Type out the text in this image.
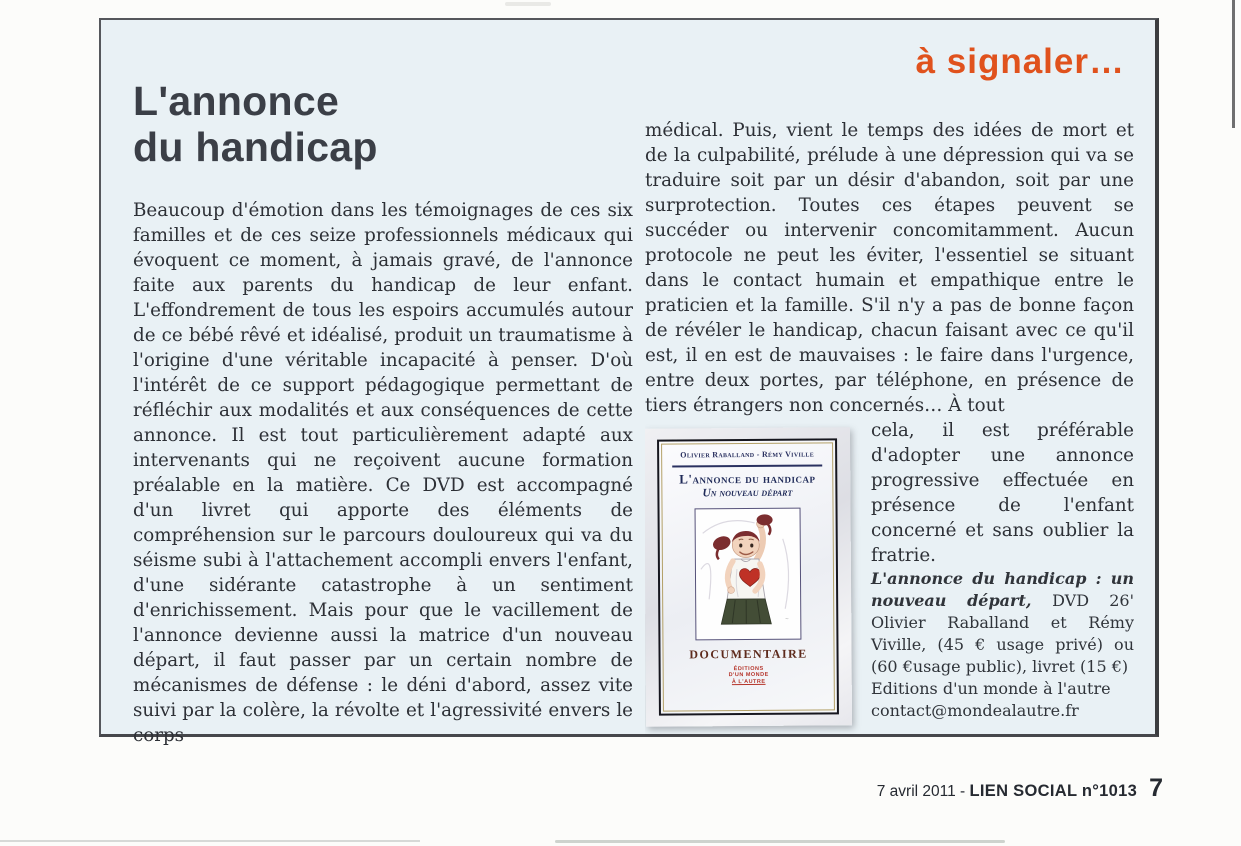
à signaler…
L'annonce
du handicap

Beaucoup d'émotion dans les témoignages de ces six familles et de ces seize professionnels médicaux qui évoquent ce moment, à jamais gravé, de l'annonce faite aux parents du handicap de leur enfant. L'effondrement de tous les espoirs accumulés autour de ce bébé rêvé et idéalisé, produit un traumatisme à l'origine d'une véritable incapacité à penser. D'où l'intérêt de ce support pédagogique permettant de réfléchir aux modalités et aux conséquences de cette annonce. Il est tout particulièrement adapté aux intervenants qui ne reçoivent aucune formation préalable en la matière. Ce DVD est accompagné d'un livret qui apporte des éléments de compréhension sur le parcours douloureux qui va du séisme subi à l'attachement accompli envers l'enfant, d'une sidérante catastrophe à un sentiment d'enrichissement. Mais pour que le vacillement de l'annonce devienne aussi la matrice d'un nouveau départ, il faut passer par un certain nombre de mécanismes de défense : le déni d'abord, assez vite suivi par la colère, la révolte et l'agressivité envers le corps

médical. Puis, vient le temps des idées de mort et de la culpabilité, prélude à une dépression qui va se traduire soit par un désir d'abandon, soit par une surprotection. Toutes ces étapes peuvent se succéder ou intervenir concomitamment. Aucun protocole ne peut les éviter, l'essentiel se situant dans le contact humain et empathique entre le praticien et la famille. S'il n'y a pas de bonne façon de révéler le handicap, chacun faisant avec ce qu'il est, il en est de mauvaises : le faire dans l'urgence, entre deux portes, par téléphone, en présence de tiers étrangers non concernés… À tout

Olivier Raballand - Rémy Viville
L'annonce du handicap
Un nouveau départ
~
DOCUMENTAIRE
ÉDITIONS
D'UN MONDE
À L'AUTRE

cela, il est préférable d'adopter une annonce progressive effectuée en présence de l'enfant concerné et sans oublier la fratrie.

L'annonce du handicap : un nouveau départ, DVD 26' Olivier Raballand et Rémy Viville, (45 € usage privé) ou (60 €usage public), livret (15 €)
Editions d'un monde à l'autre
contact@mondealautre.fr

7 avril 2011 - LIEN SOCIAL n°1013 7
